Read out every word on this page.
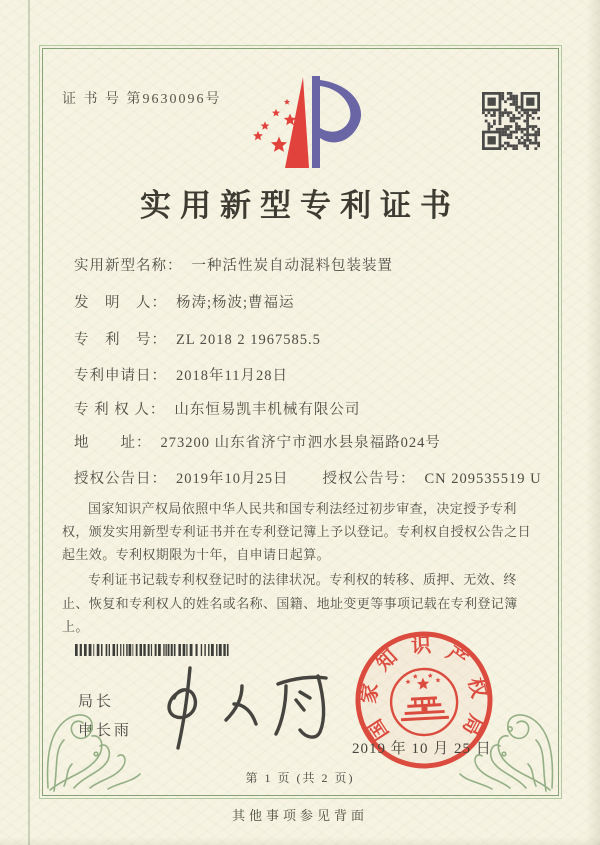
证 书 号 第9630096号
实用新型专利证书
实用新型名称： 一种活性炭自动混料包装装置
发　明　人： 杨涛;杨波;曹福运
专　利　号： ZL 2018 2 1967585.5
专利申请日： 2018年11月28日
专 利 权 人： 山东恒易凯丰机械有限公司
地　　址： 273200 山东省济宁市泗水县泉福路024号
授权公告日： 2019年10月25日 授权公告号： CN 209535519 U

国家知识产权局依照中华人民共和国专利法经过初步审查，决定授予专利权，颁发实用新型专利证书并在专利登记簿上予以登记。专利权自授权公告之日起生效。专利权期限为十年，自申请日起算。

专利证书记载专利权登记时的法律状况。专利权的转移、质押、无效、终止、恢复和专利权人的姓名或名称、国籍、地址变更等事项记载在专利登记簿上。

局长
申长雨	国
家
知 识 产
权
局
2019 年 10 月 25 日
第 1 页 (共 2 页)
其他事项参见背面
